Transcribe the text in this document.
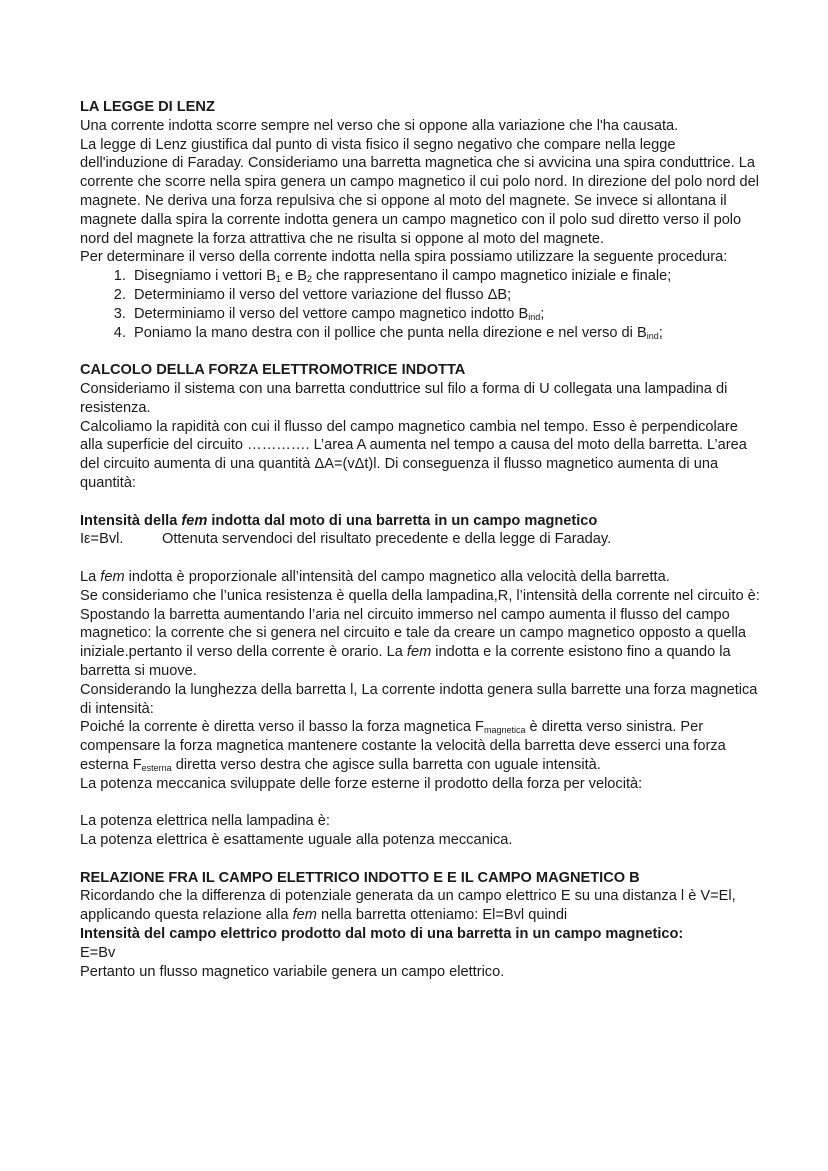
LA LEGGE DI LENZ

Una corrente indotta scorre sempre nel verso che si oppone alla variazione che l'ha causata.

La legge di Lenz giustifica dal punto di vista fisico il segno negativo che compare nella legge dell'induzione di Faraday. Consideriamo una barretta magnetica che si avvicina una spira conduttrice. La corrente che scorre nella spira genera un campo magnetico il cui polo nord. In direzione del polo nord del magnete. Ne deriva una forza repulsiva che si oppone al moto del magnete. Se invece si allontana il magnete dalla spira la corrente indotta genera un campo magnetico con il polo sud diretto verso il polo nord del magnete la forza attrattiva che ne risulta si oppone al moto del magnete.

Per determinare il verso della corrente indotta nella spira possiamo utilizzare la seguente procedura:

1. Disegniamo i vettori $B_1$ e $B_2$ che rappresentano il campo magnetico iniziale e finale;
2. Determiniamo il verso del vettore variazione del flusso ΔB;
3. Determiniamo il verso del vettore campo magnetico indotto $B_{ind}$;
4. Poniamo la mano destra con il pollice che punta nella direzione e nel verso di $B_{ind}$;

CALCOLO DELLA FORZA ELETTROMOTRICE INDOTTA

Consideriamo il sistema con una barretta conduttrice sul filo a forma di U collegata una lampadina di resistenza.

Calcoliamo la rapidità con cui il flusso del campo magnetico cambia nel tempo. Esso è perpendicolare alla superficie del circuito …………. L’area A aumenta nel tempo a causa del moto della barretta. L’area del circuito aumenta di una quantità ΔA=(vΔt)l. Di conseguenza il flusso magnetico aumenta di una quantità:

Intensità della fem indotta dal moto di una barretta in un campo magnetico

Iε=Bvl.	Ottenuta servendoci del risultato precedente e della legge di Faraday.

La fem indotta è proporzionale all’intensità del campo magnetico alla velocità della barretta.

Se consideriamo che l’unica resistenza è quella della lampadina,R, l’intensità della corrente nel circuito è:

Spostando la barretta aumentando l’aria nel circuito immerso nel campo aumenta il flusso del campo magnetico: la corrente che si genera nel circuito e tale da creare un campo magnetico opposto a quella iniziale.pertanto il verso della corrente è orario. La fem indotta e la corrente esistono fino a quando la barretta si muove.

Considerando la lunghezza della barretta l, La corrente indotta genera sulla barrette una forza magnetica di intensità:

Poiché la corrente è diretta verso il basso la forza magnetica $F_{magnetica}$ è diretta verso sinistra. Per compensare la forza magnetica mantenere costante la velocità della barretta deve esserci una forza esterna $F_{esterna}$ diretta verso destra che agisce sulla barretta con uguale intensità.

La potenza meccanica sviluppate delle forze esterne il prodotto della forza per velocità:

La potenza elettrica nella lampadina è:

La potenza elettrica è esattamente uguale alla potenza meccanica.

RELAZIONE FRA IL CAMPO ELETTRICO INDOTTO E E IL CAMPO MAGNETICO B

Ricordando che la differenza di potenziale generata da un campo elettrico E su una distanza l è V=El, applicando questa relazione alla fem nella barretta otteniamo: El=Bvl quindi

Intensità del campo elettrico prodotto dal moto di una barretta in un campo magnetico:

E=Bv

Pertanto un flusso magnetico variabile genera un campo elettrico.
